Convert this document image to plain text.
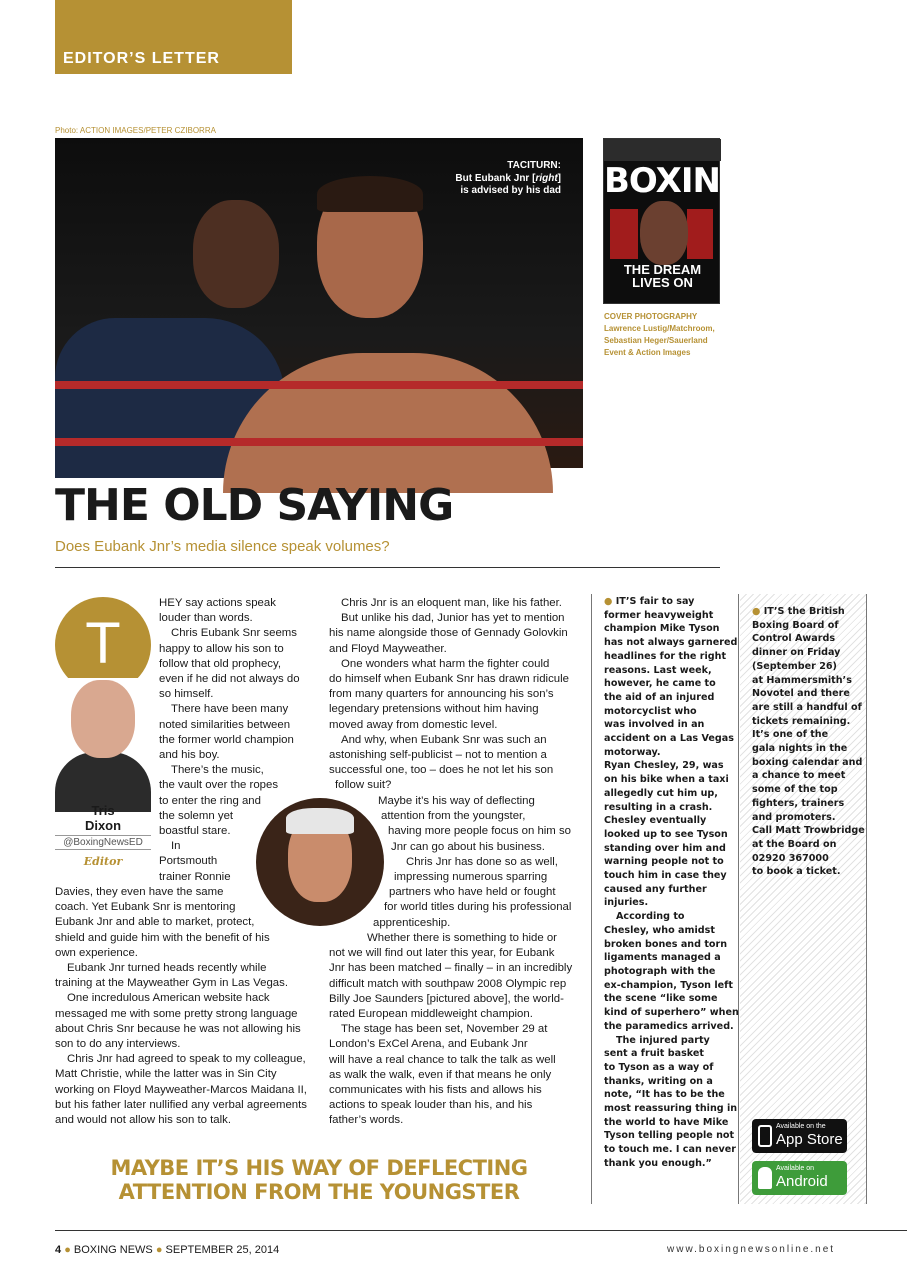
EDITOR’S LETTER
Photo: ACTION IMAGES/PETER CZIBORRA
TACITURN:
But Eubank Jnr [right]
is advised by his dad BOXING
THE DREAM
LIVES ON
COVER PHOTOGRAPHY
Lawrence Lustig/Matchroom,
Sebastian Heger/Sauerland
Event & Action Images
THE OLD SAYING
Does Eubank Jnr’s media silence speak volumes?
T
Tris
Dixon
@BoxingNewsED
Editor

HEY say actions speak

louder than words.

Chris Eubank Snr seems

happy to allow his son to

follow that old prophecy,

even if he did not always do

so himself.

There have been many

noted similarities between

the former world champion

and his boy.

There’s the music,

the vault over the ropes

to enter the ring and

the solemn yet

boastful stare.

In

Portsmouth

trainer Ronnie

Davies, they even have the same

coach. Yet Eubank Snr is mentoring

Eubank Jnr and able to market, protect,

shield and guide him with the benefit of his

own experience.

Eubank Jnr turned heads recently while

training at the Mayweather Gym in Las Vegas.

One incredulous American website hack

messaged me with some pretty strong language

about Chris Snr because he was not allowing his

son to do any interviews.

Chris Jnr had agreed to speak to my colleague,

Matt Christie, while the latter was in Sin City

working on Floyd Mayweather-Marcos Maidana II,

but his father later nullified any verbal agreements

and would not allow his son to talk.

Chris Jnr is an eloquent man, like his father.

But unlike his dad, Junior has yet to mention

his name alongside those of Gennady Golovkin

and Floyd Mayweather.

One wonders what harm the fighter could

do himself when Eubank Snr has drawn ridicule

from many quarters for announcing his son’s

legendary pretensions without him having

moved away from domestic level.

And why, when Eubank Snr was such an

astonishing self-publicist – not to mention a

successful one, too – does he not let his son

follow suit?

Maybe it’s his way of deflecting

attention from the youngster,

having more people focus on him so

Jnr can go about his business.

Chris Jnr has done so as well,

impressing numerous sparring

partners who have held or fought

for world titles during his professional

apprenticeship.

Whether there is something to hide or

not we will find out later this year, for Eubank

Jnr has been matched – finally – in an incredibly

difficult match with southpaw 2008 Olympic rep

Billy Joe Saunders [pictured above], the world-

rated European middleweight champion.

The stage has been set, November 29 at

London’s ExCel Arena, and Eubank Jnr

will have a real chance to talk the talk as well

as walk the walk, even if that means he only

communicates with his fists and allows his

actions to speak louder than his, and his

father’s words.

● IT’S fair to say
former heavyweight
champion Mike Tyson
has not always garnered
headlines for the right
reasons. Last week,
however, he came to
the aid of an injured
motorcyclist who
was involved in an
accident on a Las Vegas
motorway.
Ryan Chesley, 29, was
on his bike when a taxi
allegedly cut him up,
resulting in a crash.
Chesley eventually
looked up to see Tyson
standing over him and
warning people not to
touch him in case they
caused any further
injuries.
According to
Chesley, who amidst
broken bones and torn
ligaments managed a
photograph with the
ex-champion, Tyson left
the scene “like some
kind of superhero” when
the paramedics arrived.
The injured party
sent a fruit basket
to Tyson as a way of
thanks, writing on a
note, “It has to be the
most reassuring thing in
the world to have Mike
Tyson telling people not
to touch me. I can never
thank you enough.”
● IT’S the British
Boxing Board of
Control Awards
dinner on Friday
(September 26)
at Hammersmith’s
Novotel and there
are still a handful of
tickets remaining.
It’s one of the
gala nights in the
boxing calendar and
a chance to meet
some of the top
fighters, trainers
and promoters.
Call Matt Trowbridge
at the Board on
02920 367000
to book a ticket.
Available on the
App Store
Available on
Android
MAYBE IT’S HIS WAY OF DEFLECTING
ATTENTION FROM THE YOUNGSTER
4 ● BOXING NEWS ● SEPTEMBER 25, 2014	www.boxingnewsonline.net
